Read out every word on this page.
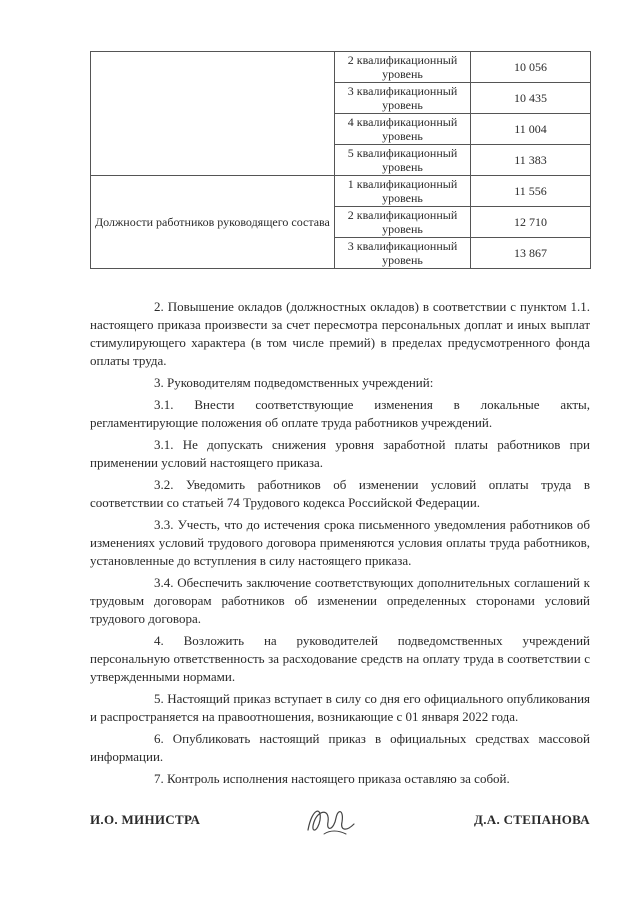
	2 квалификационный уровень	10 056
	3 квалификационный уровень	10 435
	4 квалификационный уровень	11 004
	5 квалификационный уровень	11 383
Должности работников руководящего состава	1 квалификационный уровень	11 556
	2 квалификационный уровень	12 710
	3 квалификационный уровень	13 867

2. Повышение окладов (должностных окладов) в соответствии с пунктом 1.1. настоящего приказа произвести за счет пересмотра персональных доплат и иных выплат стимулирующего характера (в том числе премий) в пределах предусмотренного фонда оплаты труда.

3. Руководителям подведомственных учреждений:

3.1. Внести соответствующие изменения в локальные акты, регламентирующие положения об оплате труда работников учреждений.

3.1. Не допускать снижения уровня заработной платы работников при применении условий настоящего приказа.

3.2. Уведомить работников об изменении условий оплаты труда в соответствии со статьей 74 Трудового кодекса Российской Федерации.

3.3. Учесть, что до истечения срока письменного уведомления работников об изменениях условий трудового договора применяются условия оплаты труда работников, установленные до вступления в силу настоящего приказа.

3.4. Обеспечить заключение соответствующих дополнительных соглашений к трудовым договорам работников об изменении определенных сторонами условий трудового договора.

4. Возложить на руководителей подведомственных учреждений персональную ответственность за расходование средств на оплату труда в соответствии с утвержденными нормами.

5. Настоящий приказ вступает в силу со дня его официального опубликования и распространяется на правоотношения, возникающие с 01 января 2022 года.

6. Опубликовать настоящий приказ в официальных средствах массовой информации.

7. Контроль исполнения настоящего приказа оставляю за собой.

И.О. МИНИСТРА	Д.А. СТЕПАНОВА
